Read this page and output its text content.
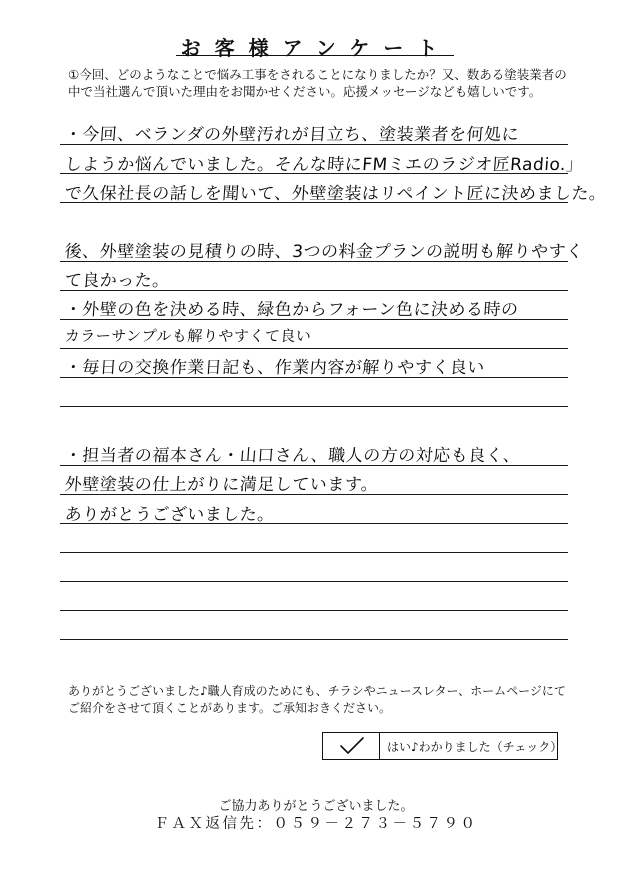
お客様アンケート
①今回、どのようなことで悩み工事をされることになりましたか？又、数ある塗装業者の中で当社選んで頂いた理由をお聞かせください。応援メッセージなども嬉しいです。
・今回、ベランダの外壁汚れが目立ち、塗装業者を何処に
しようか悩んでいました。そんな時にFMミエのラジオ匠Radio.」
で久保社長の話しを聞いて、外壁塗装はリペイント匠に決めました。
後、外壁塗装の見積りの時、3つの料金プランの説明も解りやすく
て良かった。
・外壁の色を決める時、緑色からフォーン色に決める時の
カラーサンプルも解りやすくて良い
・毎日の交換作業日記も、作業内容が解りやすく良い
・担当者の福本さん・山口さん、職人の方の対応も良く、
外壁塗装の仕上がりに満足しています。
ありがとうございました。
ありがとうございました♪職人育成のためにも、チラシやニュースレター、ホームページにてご紹介をさせて頂くことがあります。ご承知おきください。
はい♪わかりました（チェック）
ご協力ありがとうございました。
ＦＡＸ返信先：０５９－２７３－５７９０
